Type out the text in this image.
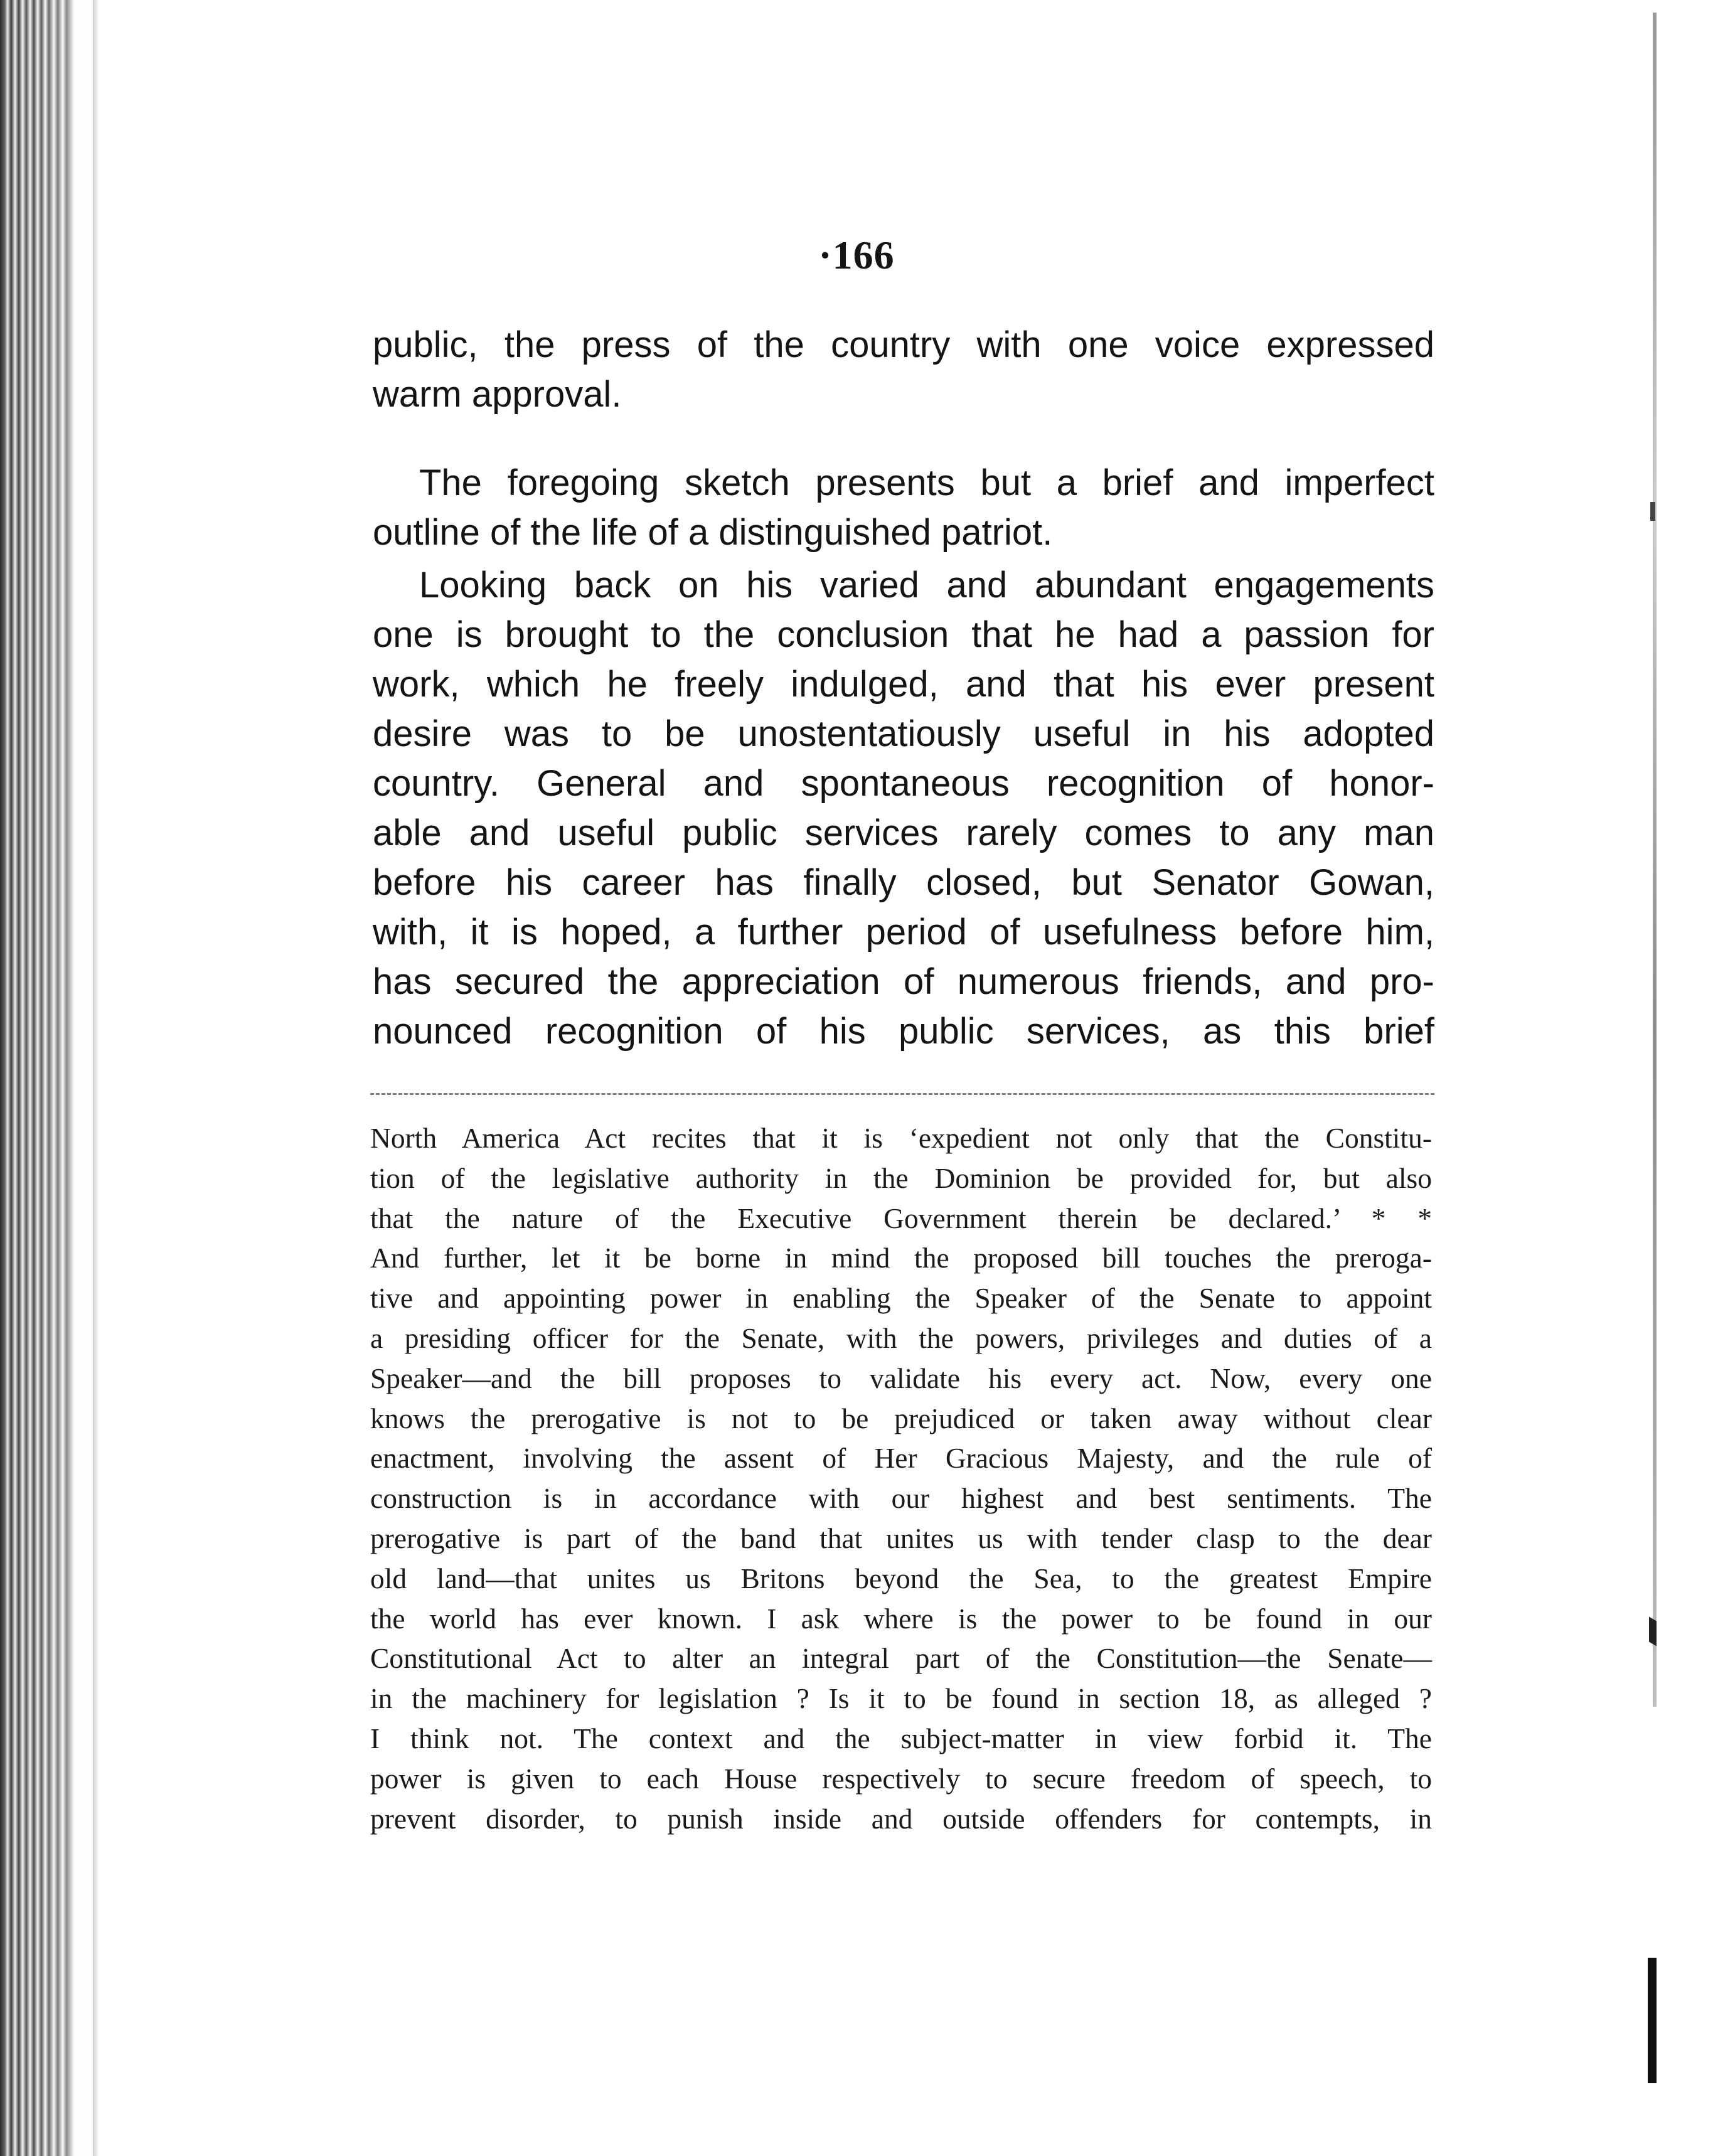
·166
public, the press of the country with one voice expressed
warm approval.
The foregoing sketch presents but a brief and imperfect
outline of the life of a distinguished patriot.
Looking back on his varied and abundant engagements
one is brought to the conclusion that he had a passion for
work, which he freely indulged, and that his ever present
desire was to be unostentatiously useful in his adopted
country. General and spontaneous recognition of honor-
able and useful public services rarely comes to any man
before his career has finally closed, but Senator Gowan,
with, it is hoped, a further period of usefulness before him,
has secured the appreciation of numerous friends, and pro-
nounced recognition of his public services, as this brief
North America Act recites that it is ‘expedient not only that the Constitu-
tion of the legislative authority in the Dominion be provided for, but also
that the nature of the Executive Government therein be declared.’ * *
And further, let it be borne in mind the proposed bill touches the preroga-
tive and appointing power in enabling the Speaker of the Senate to appoint
a presiding officer for the Senate, with the powers, privileges and duties of a
Speaker—and the bill proposes to validate his every act. Now, every one
knows the prerogative is not to be prejudiced or taken away without clear
enactment, involving the assent of Her Gracious Majesty, and the rule of
construction is in accordance with our highest and best sentiments. The
prerogative is part of the band that unites us with tender clasp to the dear
old land—that unites us Britons beyond the Sea, to the greatest Empire
the world has ever known. I ask where is the power to be found in our
Constitutional Act to alter an integral part of the Constitution—the Senate—
in the machinery for legislation ? Is it to be found in section 18, as alleged ?
I think not. The context and the subject-matter in view forbid it. The
power is given to each House respectively to secure freedom of speech, to
prevent disorder, to punish inside and outside offenders for contempts, in
